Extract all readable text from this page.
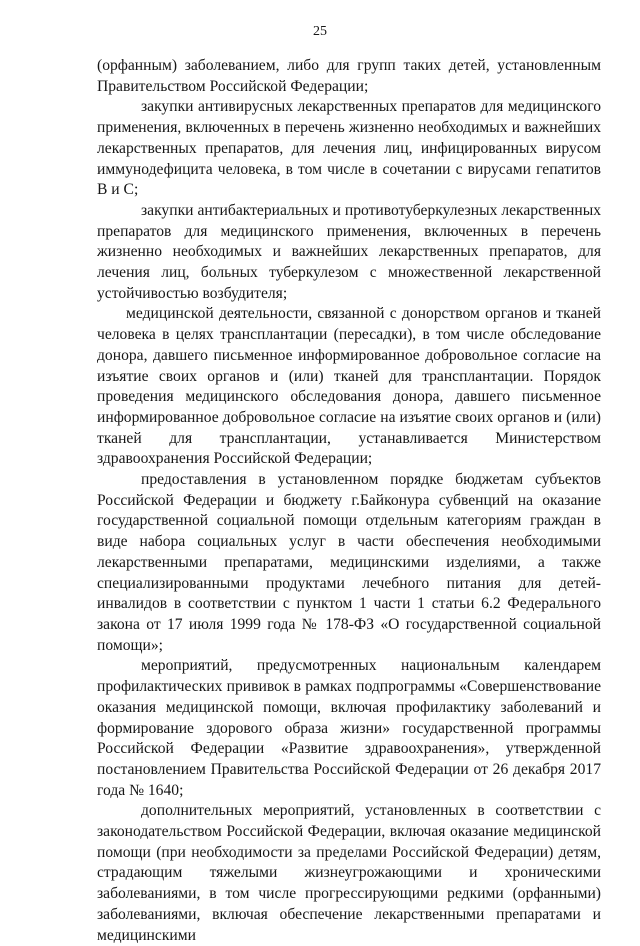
25

(орфанным) заболеванием, либо для групп таких детей, установленным Правительством Российской Федерации;

закупки антивирусных лекарственных препаратов для медицинского применения, включенных в перечень жизненно необходимых и важнейших лекарственных препаратов, для лечения лиц, инфицированных вирусом иммунодефицита человека, в том числе в сочетании с вирусами гепатитов B и C;

закупки антибактериальных и противотуберкулезных лекарственных препаратов для медицинского применения, включенных в перечень жизненно необходимых и важнейших лекарственных препаратов, для лечения лиц, больных туберкулезом с множественной лекарственной устойчивостью возбудителя;

медицинской деятельности, связанной с донорством органов и тканей человека в целях трансплантации (пересадки), в том числе обследование донора, давшего письменное информированное добровольное согласие на изъятие своих органов и (или) тканей для трансплантации. Порядок проведения медицинского обследования донора, давшего письменное информированное добровольное согласие на изъятие своих органов и (или) тканей для трансплантации, устанавливается Министерством здравоохранения Российской Федерации;

предоставления в установленном порядке бюджетам субъектов Российской Федерации и бюджету г.Байконура субвенций на оказание государственной социальной помощи отдельным категориям граждан в виде набора социальных услуг в части обеспечения необходимыми лекарственными препаратами, медицинскими изделиями, а также специализированными продуктами лечебного питания для детей-инвалидов в соответствии с пунктом 1 части 1 статьи 6.2 Федерального закона от 17 июля 1999 года № 178-ФЗ «О государственной социальной помощи»;

мероприятий, предусмотренных национальным календарем профилактических прививок в рамках подпрограммы «Совершенствование оказания медицинской помощи, включая профилактику заболеваний и формирование здорового образа жизни» государственной программы Российской Федерации «Развитие здравоохранения», утвержденной постановлением Правительства Российской Федерации от 26 декабря 2017 года № 1640;

дополнительных мероприятий, установленных в соответствии с законодательством Российской Федерации, включая оказание медицинской помощи (при необходимости за пределами Российской Федерации) детям, страдающим тяжелыми жизнеугрожающими и хроническими заболеваниями, в том числе прогрессирующими редкими (орфанными) заболеваниями, включая обеспечение лекарственными препаратами и медицинскими
